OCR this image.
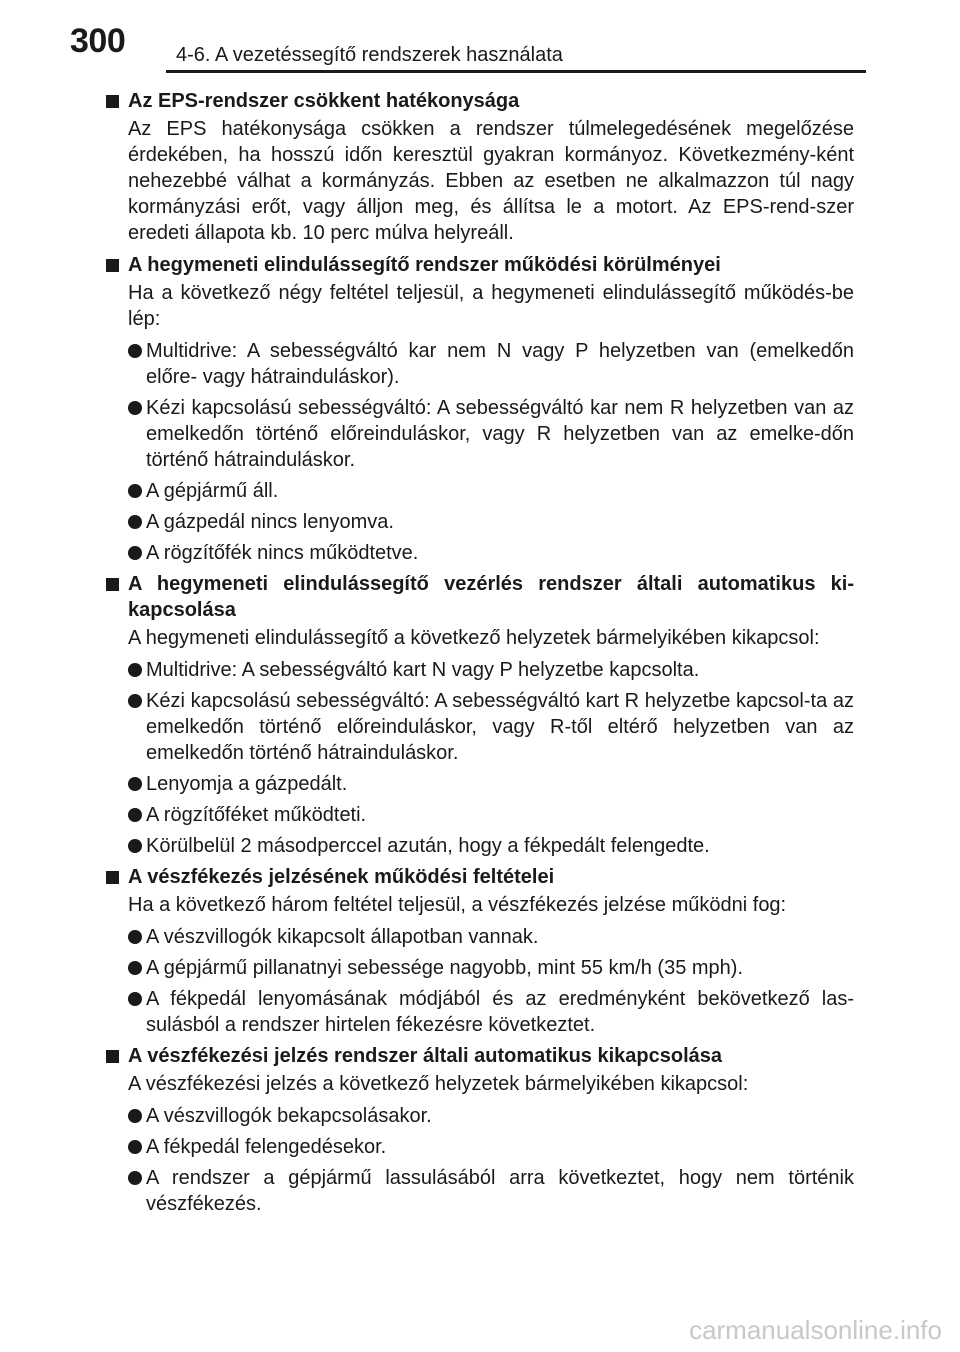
300	4-6. A vezetéssegítő rendszerek használata
Az EPS-rendszer csökkent hatékonysága
Az EPS hatékonysága csökken a rendszer túlmelegedésének megelőzése érdekében, ha hosszú időn keresztül gyakran kormányoz. Következmény-ként nehezebbé válhat a kormányzás. Ebben az esetben ne alkalmazzon túl nagy kormányzási erőt, vagy álljon meg, és állítsa le a motort. Az EPS-rend-szer eredeti állapota kb. 10 perc múlva helyreáll.
A hegymeneti elindulássegítő rendszer működési körülményei
Ha a következő négy feltétel teljesül, a hegymeneti elindulássegítő működés-be lép:
Multidrive: A sebességváltó kar nem N vagy P helyzetben van (emelkedőn előre- vagy hátrainduláskor).
Kézi kapcsolású sebességváltó: A sebességváltó kar nem R helyzetben van az emelkedőn történő előreinduláskor, vagy R helyzetben van az emelke-dőn történő hátrainduláskor.
A gépjármű áll.
A gázpedál nincs lenyomva.
A rögzítőfék nincs működtetve.
A hegymeneti elindulássegítő vezérlés rendszer általi automatikus ki-kapcsolása
A hegymeneti elindulássegítő a következő helyzetek bármelyikében kikapcsol:
Multidrive: A sebességváltó kart N vagy P helyzetbe kapcsolta.
Kézi kapcsolású sebességváltó: A sebességváltó kart R helyzetbe kapcsol-ta az emelkedőn történő előreinduláskor, vagy R-től eltérő helyzetben van az emelkedőn történő hátrainduláskor.
Lenyomja a gázpedált.
A rögzítőféket működteti.
Körülbelül 2 másodperccel azután, hogy a fékpedált felengedte.
A vészfékezés jelzésének működési feltételei
Ha a következő három feltétel teljesül, a vészfékezés jelzése működni fog:
A vészvillogók kikapcsolt állapotban vannak.
A gépjármű pillanatnyi sebessége nagyobb, mint 55 km/h (35 mph).
A fékpedál lenyomásának módjából és az eredményként bekövetkező las-sulásból a rendszer hirtelen fékezésre következtet.
A vészfékezési jelzés rendszer általi automatikus kikapcsolása
A vészfékezési jelzés a következő helyzetek bármelyikében kikapcsol:
A vészvillogók bekapcsolásakor.
A fékpedál felengedésekor.
A rendszer a gépjármű lassulásából arra következtet, hogy nem történik vészfékezés.
carmanualsonline.info
